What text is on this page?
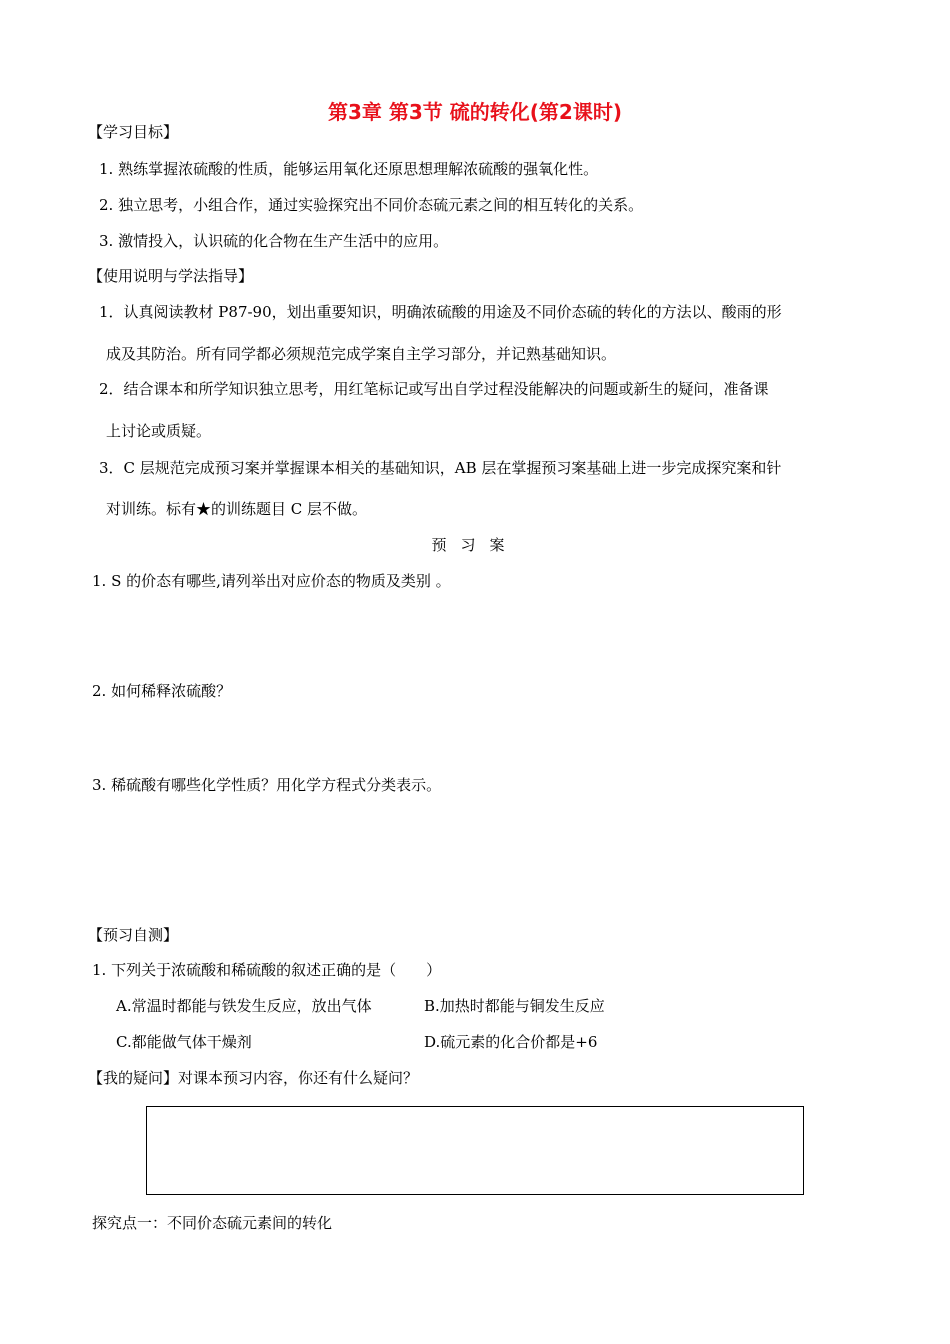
第3章 第3节 硫的转化(第2课时)
【学习目标】
1. 熟练掌握浓硫酸的性质，能够运用氧化还原思想理解浓硫酸的强氧化性。
2. 独立思考，小组合作，通过实验探究出不同价态硫元素之间的相互转化的关系。
3. 激情投入，认识硫的化合物在生产生活中的应用。
【使用说明与学法指导】
1．认真阅读教材 P87-90，划出重要知识，明确浓硫酸的用途及不同价态硫的转化的方法以、酸雨的形
成及其防治。所有同学都必须规范完成学案自主学习部分，并记熟基础知识。
2．结合课本和所学知识独立思考，用红笔标记或写出自学过程没能解决的问题或新生的疑问，准备课
上讨论或质疑。
3．C 层规范完成预习案并掌握课本相关的基础知识，AB 层在掌握预习案基础上进一步完成探究案和针
对训练。标有★的训练题目 C 层不做。
预习案
1. S 的价态有哪些,请列举出对应价态的物质及类别 。
2. 如何稀释浓硫酸？
3. 稀硫酸有哪些化学性质？用化学方程式分类表示。
【预习自测】
1. 下列关于浓硫酸和稀硫酸的叙述正确的是（　　）
A.常温时都能与铁发生反应，放出气体	B.加热时都能与铜发生反应
C.都能做气体干燥剂	D.硫元素的化合价都是+6
【我的疑问】对课本预习内容，你还有什么疑问？
探究点一：不同价态硫元素间的转化
